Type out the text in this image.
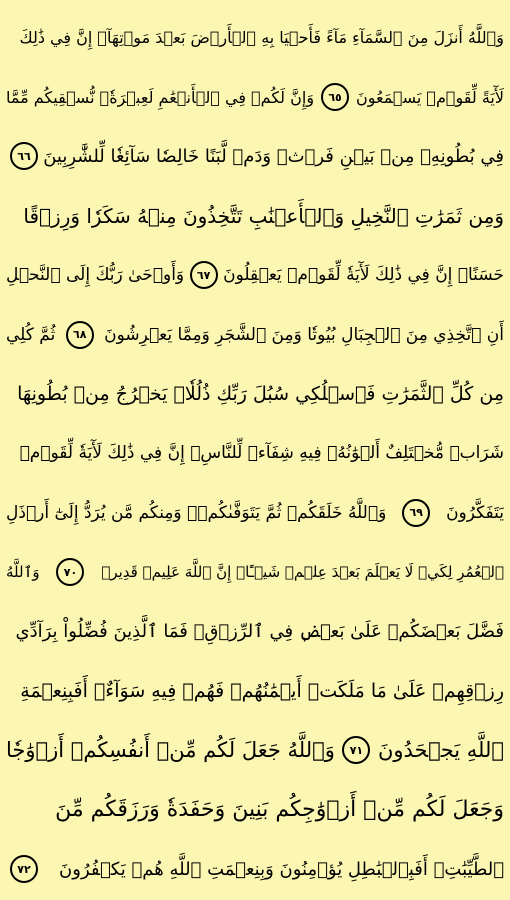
وَٱللَّهُ أَنزَلَ مِنَ ٱلسَّمَآءِ مَآءً فَأَحۡيَا بِهِ ٱلۡأَرۡضَ بَعۡدَ مَوۡتِهَآۚ إِنَّ فِي ذَٰلِكَ
لَأٓيَةً لِّقَوۡمٖ يَسۡمَعُونَ
٦٥
وَإِنَّ لَكُمۡ فِي ٱلۡأَنۡعَٰمِ لَعِبۡرَةٗۖ نُّسۡقِيكُم مِّمَّا
فِي بُطُونِهِۦ مِنۢ بَيۡنِ فَرۡثٖ وَدَمٖ لَّبَنًا خَالِصٗا سَآئِغٗا لِّلشَّٰرِبِينَ
٦٦
وَمِن ثَمَرَٰتِ ٱلنَّخِيلِ وَٱلۡأَعۡنَٰبِ تَتَّخِذُونَ مِنۡهُ سَكَرٗا وَرِزۡقًا
حَسَنًاۚ إِنَّ فِي ذَٰلِكَ لَأٓيَةٗ لِّقَوۡمٖ يَعۡقِلُونَ
٦٧
وَأَوۡحَىٰ رَبُّكَ إِلَى ٱلنَّحۡلِ
أَنِ ٱتَّخِذِي مِنَ ٱلۡجِبَالِ بُيُوتٗا وَمِنَ ٱلشَّجَرِ وَمِمَّا يَعۡرِشُونَ
٦٨
ثُمَّ كُلِي
مِن كُلِّ ٱلثَّمَرَٰتِ فَٱسۡلُكِي سُبُلَ رَبِّكِ ذُلُلٗاۚ يَخۡرُجُ مِنۢ بُطُونِهَا
شَرَابٞ مُّخۡتَلِفٌ أَلۡوَٰنُهُۥ فِيهِ شِفَآءٞ لِّلنَّاسِۚ إِنَّ فِي ذَٰلِكَ لَأٓيَةٗ لِّقَوۡمٖ
يَتَفَكَّرُونَ
٦٩
وَٱللَّهُ خَلَقَكُمۡ ثُمَّ يَتَوَفَّىٰكُمۡۚ وَمِنكُم مَّن يُرَدُّ إِلَىٰٓ أَرۡذَلِ
ٱلۡعُمُرِ لِكَيۡ لَا يَعۡلَمَ بَعۡدَ عِلۡمٖ شَيۡـًٔاۚ إِنَّ ٱللَّهَ عَلِيمٞ قَدِيرٞ
٧٠
وَٱللَّهُ
فَضَّلَ بَعۡضَكُمۡ عَلَىٰ بَعۡضٖ فِي ٱلرِّزۡقِۚ فَمَا ٱلَّذِينَ فُضِّلُواْ بِرَآدِّي
رِزۡقِهِمۡ عَلَىٰ مَا مَلَكَتۡ أَيۡمَٰنُهُمۡ فَهُمۡ فِيهِ سَوَآءٌۚ أَفَبِنِعۡمَةِ
ٱللَّهِ يَجۡحَدُونَ
٧١
وَٱللَّهُ جَعَلَ لَكُم مِّنۡ أَنفُسِكُمۡ أَزۡوَٰجٗا
وَجَعَلَ لَكُم مِّنۡ أَزۡوَٰجِكُم بَنِينَ وَحَفَدَةٗ وَرَزَقَكُم مِّنَ
ٱلطَّيِّبَٰتِۚ أَفَبِٱلۡبَٰطِلِ يُؤۡمِنُونَ وَبِنِعۡمَتِ ٱللَّهِ هُمۡ يَكۡفُرُونَ
٧٢
